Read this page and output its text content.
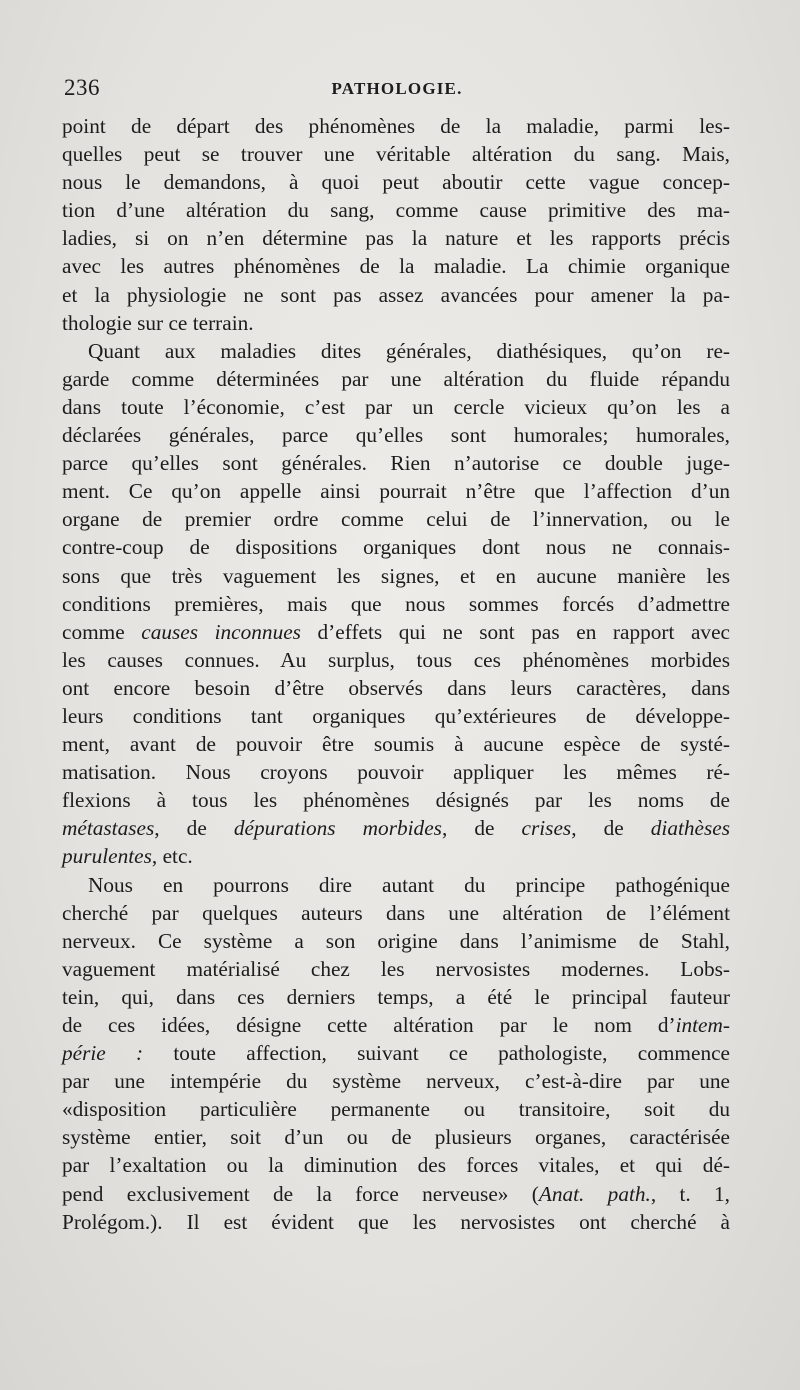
236	PATHOLOGIE.
point de départ des phénomènes de la maladie, parmi les-
quelles peut se trouver une véritable altération du sang. Mais,
nous le demandons, à quoi peut aboutir cette vague concep-
tion d’une altération du sang, comme cause primitive des ma-
ladies, si on n’en détermine pas la nature et les rapports précis
avec les autres phénomènes de la maladie. La chimie organique
et la physiologie ne sont pas assez avancées pour amener la pa-
thologie sur ce terrain.
Quant aux maladies dites générales, diathésiques, qu’on re-
garde comme déterminées par une altération du fluide répandu
dans toute l’économie, c’est par un cercle vicieux qu’on les a
déclarées générales, parce qu’elles sont humorales; humorales,
parce qu’elles sont générales. Rien n’autorise ce double juge-
ment. Ce qu’on appelle ainsi pourrait n’être que l’affection d’un
organe de premier ordre comme celui de l’innervation, ou le
contre-coup de dispositions organiques dont nous ne connais-
sons que très vaguement les signes, et en aucune manière les
conditions premières, mais que nous sommes forcés d’admettre
comme causes inconnues d’effets qui ne sont pas en rapport avec
les causes connues. Au surplus, tous ces phénomènes morbides
ont encore besoin d’être observés dans leurs caractères, dans
leurs conditions tant organiques qu’extérieures de développe-
ment, avant de pouvoir être soumis à aucune espèce de systé-
matisation. Nous croyons pouvoir appliquer les mêmes ré-
flexions à tous les phénomènes désignés par les noms de
métastases, de dépurations morbides, de crises, de diathèses
purulentes, etc.
Nous en pourrons dire autant du principe pathogénique
cherché par quelques auteurs dans une altération de l’élément
nerveux. Ce système a son origine dans l’animisme de Stahl,
vaguement matérialisé chez les nervosistes modernes. Lobs-
tein, qui, dans ces derniers temps, a été le principal fauteur
de ces idées, désigne cette altération par le nom d’intem-
périe : toute affection, suivant ce pathologiste, commence
par une intempérie du système nerveux, c’est-à-dire par une
«disposition particulière permanente ou transitoire, soit du
système entier, soit d’un ou de plusieurs organes, caractérisée
par l’exaltation ou la diminution des forces vitales, et qui dé-
pend exclusivement de la force nerveuse» (Anat. path., t. 1,
Prolégom.). Il est évident que les nervosistes ont cherché à
